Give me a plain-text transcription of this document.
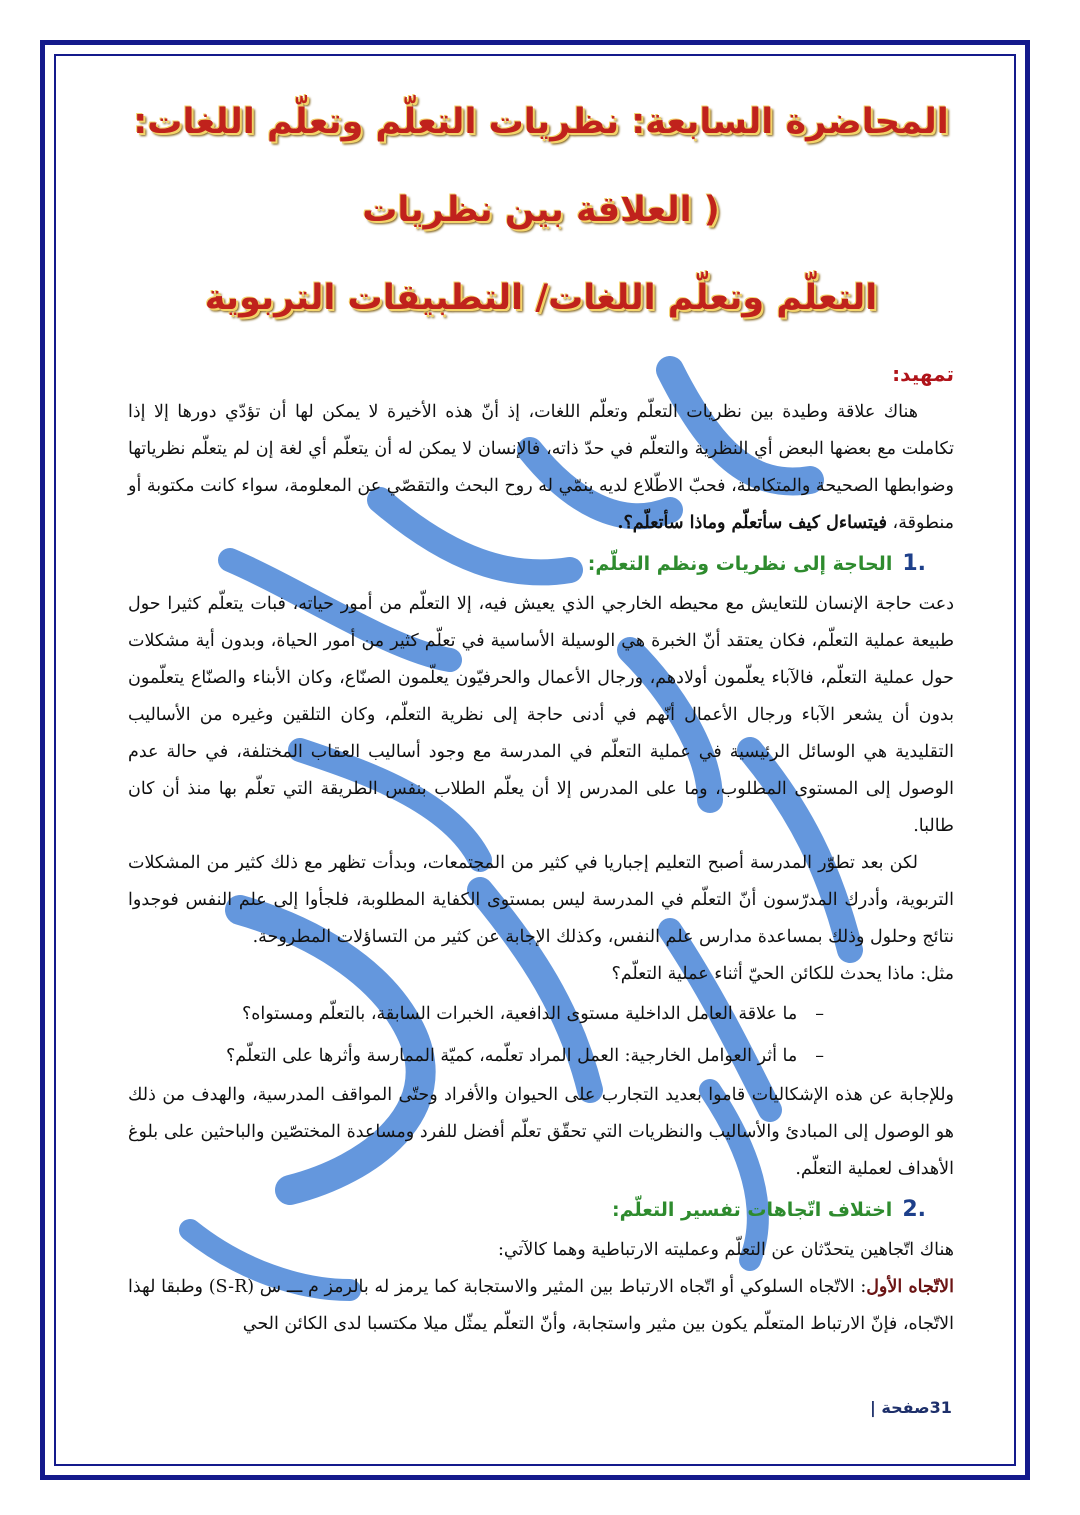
المحاضرة السابعة: نظريات التعلّم وتعلّم اللغات: ( العلاقة بين نظريات
التعلّم وتعلّم اللغات/ التطبيقات التربوية
تمهيد:

هناك علاقة وطيدة بين نظريات التعلّم وتعلّم اللغات، إذ أنّ هذه الأخيرة لا يمكن لها أن تؤدّي دورها إلا إذا تكاملت مع بعضها البعض أي النظرية والتعلّم في حدّ ذاته، فالإنسان لا يمكن له أن يتعلّم أي لغة إن لم يتعلّم نظرياتها وضوابطها الصحيحة والمتكاملة، فحبّ الاطّلاع لديه ينمّي له روح البحث والتقصّي عن المعلومة، سواء كانت مكتوبة أو منطوقة، فيتساءل كيف سأتعلّم وماذا سأتعلّم؟.

.1الحاجة إلى نظريات ونظم التعلّم:

دعت حاجة الإنسان للتعايش مع محيطه الخارجي الذي يعيش فيه، إلا التعلّم من أمور حياته، فبات يتعلّم كثيرا حول طبيعة عملية التعلّم، فكان يعتقد أنّ الخبرة هي الوسيلة الأساسية في تعلّم كثير من أمور الحياة، وبدون أية مشكلات حول عملية التعلّم، فالآباء يعلّمون أولادهم، ورجال الأعمال والحرفيّون يعلّمون الصنّاع، وكان الأبناء والصنّاع يتعلّمون بدون أن يشعر الآباء ورجال الأعمال أنّهم في أدنى حاجة إلى نظرية التعلّم، وكان التلقين وغيره من الأساليب التقليدية هي الوسائل الرئيسية في عملية التعلّم في المدرسة مع وجود أساليب العقاب المختلفة، في حالة عدم الوصول إلى المستوى المطلوب، وما على المدرس إلا أن يعلّم الطلاب بنفس الطريقة التي تعلّم بها منذ أن كان طالبا.

لكن بعد تطوّر المدرسة أصبح التعليم إجباريا في كثير من المجتمعات، وبدأت تظهر مع ذلك كثير من المشكلات التربوية، وأدرك المدرّسون أنّ التعلّم في المدرسة ليس بمستوى الكفاية المطلوبة، فلجأوا إلى علم النفس فوجدوا نتائج وحلول وذلك بمساعدة مدارس علم النفس، وكذلك الإجابة عن كثير من التساؤلات المطروحة.

مثل: ماذا يحدث للكائن الحيّ أثناء عملية التعلّم؟

–ما علاقة العامل الداخلية مستوى الدافعية، الخبرات السابقة، بالتعلّم ومستواه؟
–ما أثر العوامل الخارجية: العمل المراد تعلّمه، كميّة الممارسة وأثرها على التعلّم؟

وللإجابة عن هذه الإشكاليات قاموا بعديد التجارب على الحيوان والأفراد وحتّى المواقف المدرسية، والهدف من ذلك هو الوصول إلى المبادئ والأساليب والنظريات التي تحقّق تعلّم أفضل للفرد ومساعدة المختصّين والباحثين على بلوغ الأهداف لعملية التعلّم.

.2اختلاف اتّجاهات تفسير التعلّم:

هناك اتّجاهين يتحدّثان عن التعلّم وعمليته الارتباطية وهما كالآتي:

الاتّجاه الأول: الاتّجاه السلوكي أو اتّجاه الارتباط بين المثير والاستجابة كما يرمز له بالرمز م ـــ س (S-R) وطبقا لهذا الاتّجاه، فإنّ الارتباط المتعلّم يكون بين مثير واستجابة، وأنّ التعلّم يمثّل ميلا مكتسبا لدى الكائن الحي

31صفحة |
